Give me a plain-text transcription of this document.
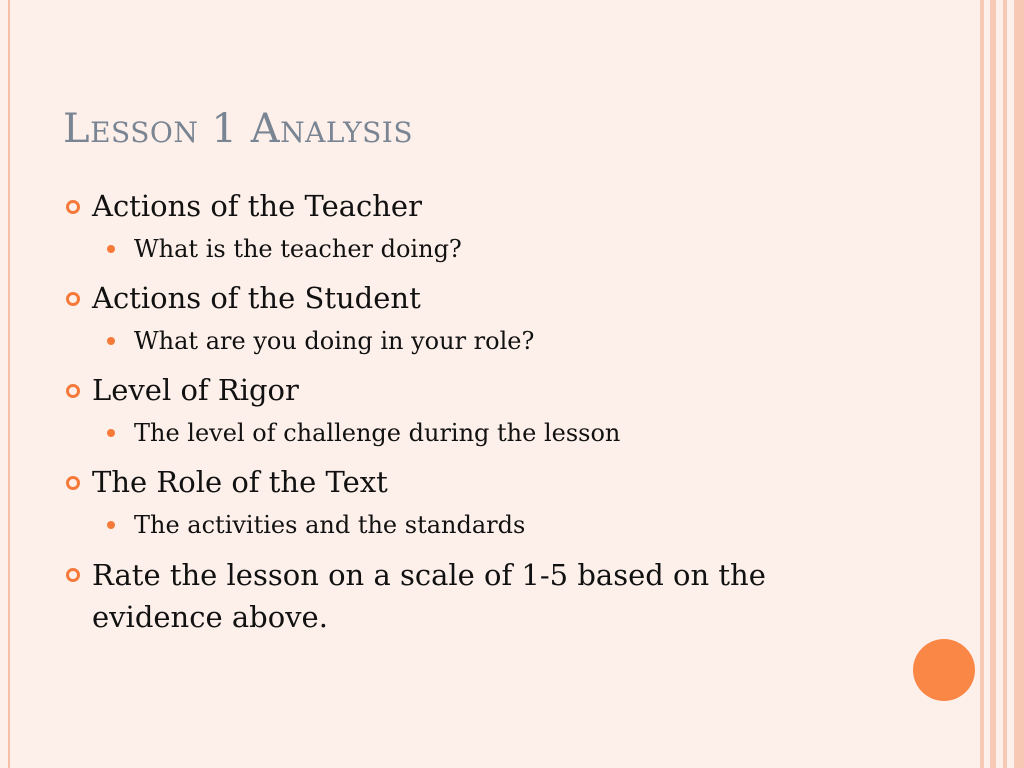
Lesson 1 Analysis
Actions of the Teacher
What is the teacher doing?
Actions of the Student
What are you doing in your role?
Level of Rigor
The level of challenge during the lesson
The Role of the Text
The activities and the standards
Rate the lesson on a scale of 1-5 based on the evidence above.
